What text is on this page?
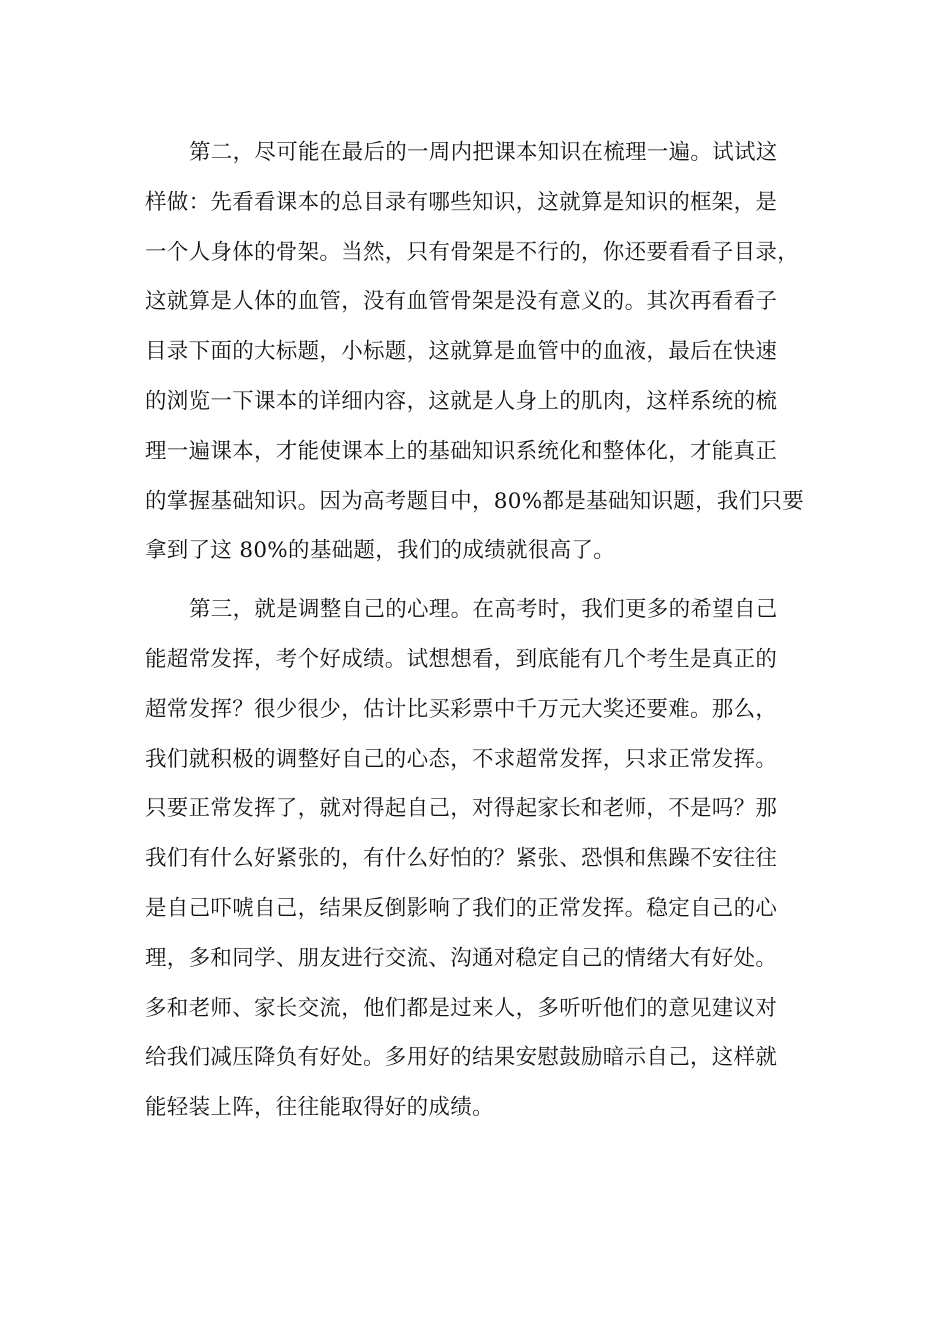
第二，尽可能在最后的一周内把课本知识在梳理一遍。试试这
样做：先看看课本的总目录有哪些知识，这就算是知识的框架，是
一个人身体的骨架。当然，只有骨架是不行的，你还要看看子目录，
这就算是人体的血管，没有血管骨架是没有意义的。其次再看看子
目录下面的大标题，小标题，这就算是血管中的血液，最后在快速
的浏览一下课本的详细内容，这就是人身上的肌肉，这样系统的梳
理一遍课本，才能使课本上的基础知识系统化和整体化，才能真正
的掌握基础知识。因为高考题目中，80%都是基础知识题，我们只要
拿到了这 80%的基础题，我们的成绩就很高了。
第三，就是调整自己的心理。在高考时，我们更多的希望自己
能超常发挥，考个好成绩。试想想看，到底能有几个考生是真正的
超常发挥？很少很少，估计比买彩票中千万元大奖还要难。那么，
我们就积极的调整好自己的心态，不求超常发挥，只求正常发挥。
只要正常发挥了，就对得起自己，对得起家长和老师，不是吗？那
我们有什么好紧张的，有什么好怕的？紧张、恐惧和焦躁不安往往
是自己吓唬自己，结果反倒影响了我们的正常发挥。稳定自己的心
理，多和同学、朋友进行交流、沟通对稳定自己的情绪大有好处。
多和老师、家长交流，他们都是过来人，多听听他们的意见建议对
给我们减压降负有好处。多用好的结果安慰鼓励暗示自己，这样就
能轻装上阵，往往能取得好的成绩。
